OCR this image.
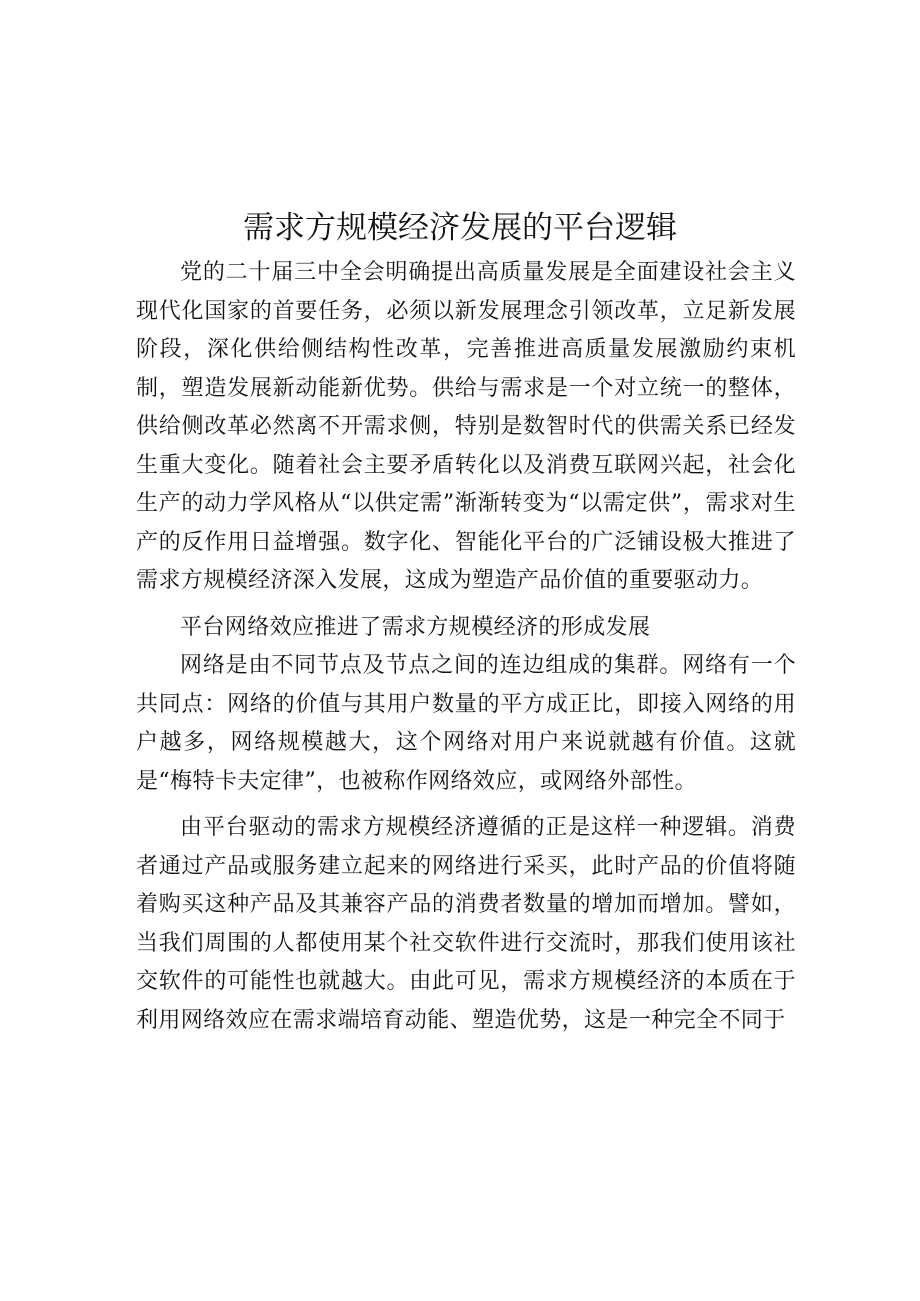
需求方规模经济发展的平台逻辑

党的二十届三中全会明确提出高质量发展是全面建设社会主义现代化国家的首要任务，必须以新发展理念引领改革，立足新发展阶段，深化供给侧结构性改革，完善推进高质量发展激励约束机制，塑造发展新动能新优势。供给与需求是一个对立统一的整体，供给侧改革必然离不开需求侧，特别是数智时代的供需关系已经发生重大变化。随着社会主要矛盾转化以及消费互联网兴起，社会化生产的动力学风格从“以供定需”渐渐转变为“以需定供”，需求对生产的反作用日益增强。数字化、智能化平台的广泛铺设极大推进了需求方规模经济深入发展，这成为塑造产品价值的重要驱动力。

平台网络效应推进了需求方规模经济的形成发展

网络是由不同节点及节点之间的连边组成的集群。网络有一个共同点：网络的价值与其用户数量的平方成正比，即接入网络的用户越多，网络规模越大，这个网络对用户来说就越有价值。这就是“梅特卡夫定律”，也被称作网络效应，或网络外部性。

由平台驱动的需求方规模经济遵循的正是这样一种逻辑。消费者通过产品或服务建立起来的网络进行采买，此时产品的价值将随着购买这种产品及其兼容产品的消费者数量的增加而增加。譬如，当我们周围的人都使用某个社交软件进行交流时，那我们使用该社交软件的可能性也就越大。由此可见，需求方规模经济的本质在于利用网络效应在需求端培育动能、塑造优势，这是一种完全不同于
